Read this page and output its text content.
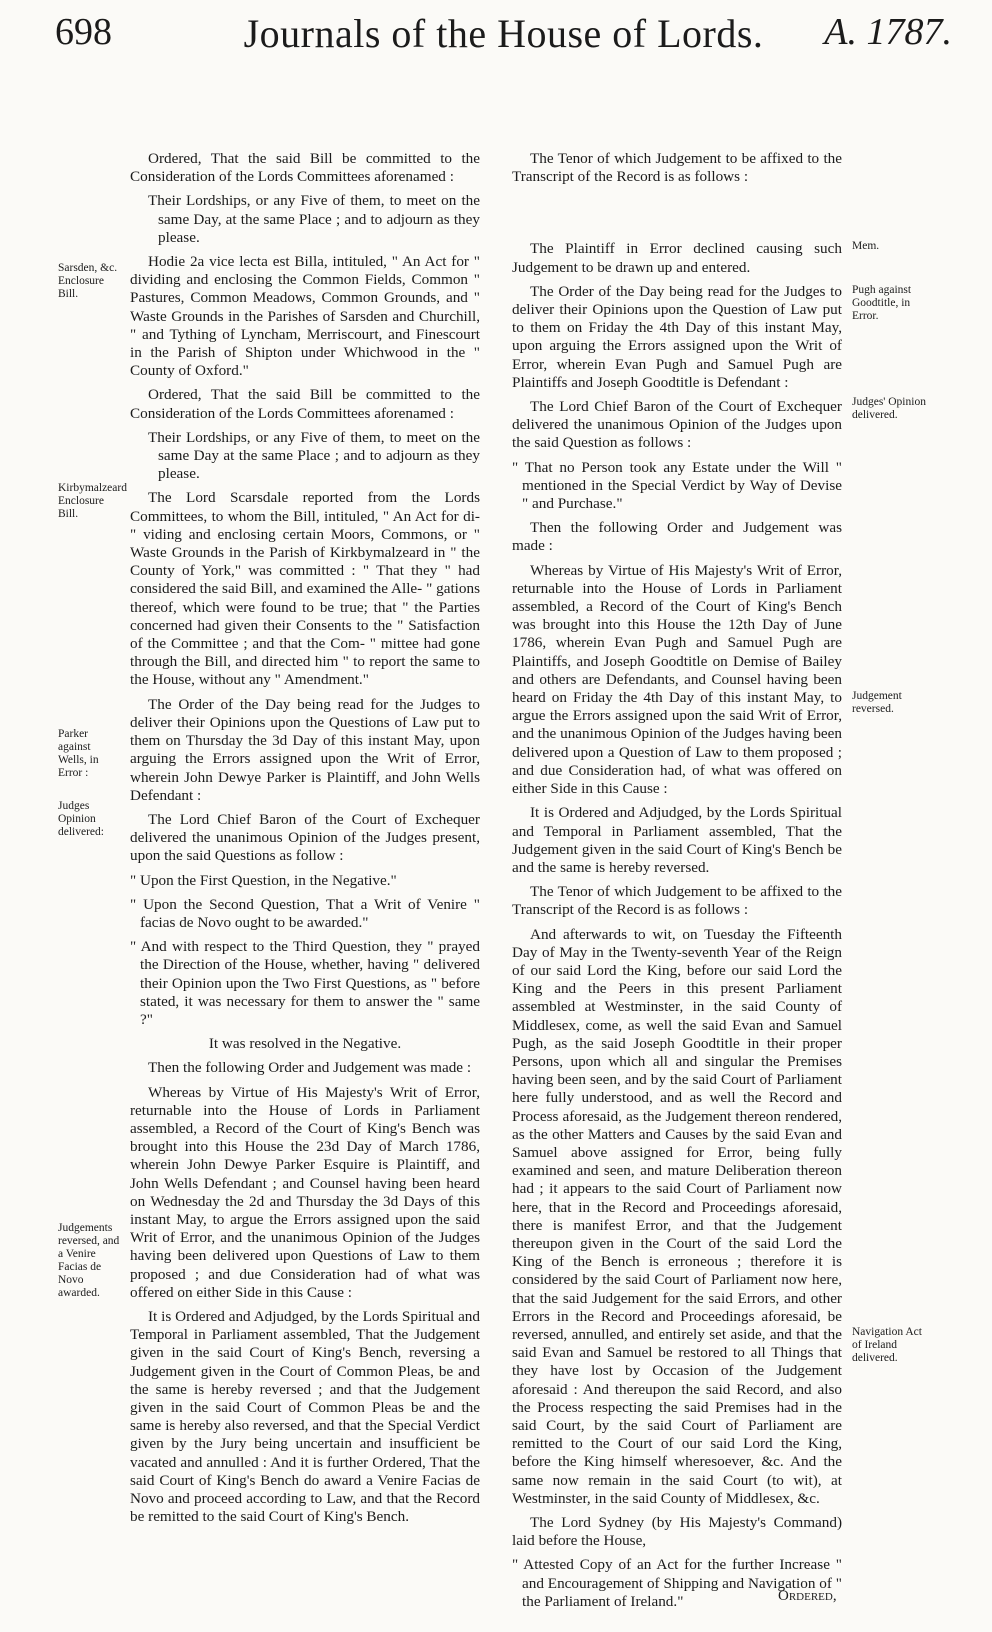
698	Journals of the House of Lords.	A. 1787.

Ordered, That the said Bill be committed to the Consideration of the Lords Committees aforenamed :

Their Lordships, or any Five of them, to meet on the same Day, at the same Place ; and to adjourn as they please.

Hodie 2a vice lecta est Billa, intituled, " An Act for " dividing and enclosing the Common Fields, Common " Pastures, Common Meadows, Common Grounds, and " Waste Grounds in the Parishes of Sarsden and Churchill, " and Tything of Lyncham, Merriscourt, and Finescourt in the Parish of Shipton under Whichwood in the " County of Oxford."

Ordered, That the said Bill be committed to the Consideration of the Lords Committees aforenamed :

Their Lordships, or any Five of them, to meet on the same Day at the same Place ; and to adjourn as they please.

The Lord Scarsdale reported from the Lords Committees, to whom the Bill, intituled, " An Act for di- " viding and enclosing certain Moors, Commons, or " Waste Grounds in the Parish of Kirkbymalzeard in " the County of York," was committed : " That they " had considered the said Bill, and examined the Alle- " gations thereof, which were found to be true; that " the Parties concerned had given their Consents to the " Satisfaction of the Committee ; and that the Com- " mittee had gone through the Bill, and directed him " to report the same to the House, without any " Amendment."

The Order of the Day being read for the Judges to deliver their Opinions upon the Questions of Law put to them on Thursday the 3d Day of this instant May, upon arguing the Errors assigned upon the Writ of Error, wherein John Dewye Parker is Plaintiff, and John Wells Defendant :

The Lord Chief Baron of the Court of Exchequer delivered the unanimous Opinion of the Judges present, upon the said Questions as follow :

" Upon the First Question, in the Negative."

" Upon the Second Question, That a Writ of Venire " facias de Novo ought to be awarded."

" And with respect to the Third Question, they " prayed the Direction of the House, whether, having " delivered their Opinion upon the Two First Questions, as " before stated, it was necessary for them to answer the " same ?"

It was resolved in the Negative.

Then the following Order and Judgement was made :

Whereas by Virtue of His Majesty's Writ of Error, returnable into the House of Lords in Parliament assembled, a Record of the Court of King's Bench was brought into this House the 23d Day of March 1786, wherein John Dewye Parker Esquire is Plaintiff, and John Wells Defendant ; and Counsel having been heard on Wednesday the 2d and Thursday the 3d Days of this instant May, to argue the Errors assigned upon the said Writ of Error, and the unanimous Opinion of the Judges having been delivered upon Questions of Law to them proposed ; and due Consideration had of what was offered on either Side in this Cause :

It is Ordered and Adjudged, by the Lords Spiritual and Temporal in Parliament assembled, That the Judgement given in the said Court of King's Bench, reversing a Judgement given in the Court of Common Pleas, be and the same is hereby reversed ; and that the Judgement given in the said Court of Common Pleas be and the same is hereby also reversed, and that the Special Verdict given by the Jury being uncertain and insufficient be vacated and annulled : And it is further Ordered, That the said Court of King's Bench do award a Venire Facias de Novo and proceed according to Law, and that the Record be remitted to the said Court of King's Bench.

The Tenor of which Judgement to be affixed to the Transcript of the Record is as follows :

The Plaintiff in Error declined causing such Judgement to be drawn up and entered.

The Order of the Day being read for the Judges to deliver their Opinions upon the Question of Law put to them on Friday the 4th Day of this instant May, upon arguing the Errors assigned upon the Writ of Error, wherein Evan Pugh and Samuel Pugh are Plaintiffs and Joseph Goodtitle is Defendant :

The Lord Chief Baron of the Court of Exchequer delivered the unanimous Opinion of the Judges upon the said Question as follows :

" That no Person took any Estate under the Will " mentioned in the Special Verdict by Way of Devise " and Purchase."

Then the following Order and Judgement was made :

Whereas by Virtue of His Majesty's Writ of Error, returnable into the House of Lords in Parliament assembled, a Record of the Court of King's Bench was brought into this House the 12th Day of June 1786, wherein Evan Pugh and Samuel Pugh are Plaintiffs, and Joseph Goodtitle on Demise of Bailey and others are Defendants, and Counsel having been heard on Friday the 4th Day of this instant May, to argue the Errors assigned upon the said Writ of Error, and the unanimous Opinion of the Judges having been delivered upon a Question of Law to them proposed ; and due Consideration had, of what was offered on either Side in this Cause :

It is Ordered and Adjudged, by the Lords Spiritual and Temporal in Parliament assembled, That the Judgement given in the said Court of King's Bench be and the same is hereby reversed.

The Tenor of which Judgement to be affixed to the Transcript of the Record is as follows :

And afterwards to wit, on Tuesday the Fifteenth Day of May in the Twenty-seventh Year of the Reign of our said Lord the King, before our said Lord the King and the Peers in this present Parliament assembled at Westminster, in the said County of Middlesex, come, as well the said Evan and Samuel Pugh, as the said Joseph Goodtitle in their proper Persons, upon which all and singular the Premises having been seen, and by the said Court of Parliament here fully understood, and as well the Record and Process aforesaid, as the Judgement thereon rendered, as the other Matters and Causes by the said Evan and Samuel above assigned for Error, being fully examined and seen, and mature Deliberation thereon had ; it appears to the said Court of Parliament now here, that in the Record and Proceedings aforesaid, there is manifest Error, and that the Judgement thereupon given in the Court of the said Lord the King of the Bench is erroneous ; therefore it is considered by the said Court of Parliament now here, that the said Judgement for the said Errors, and other Errors in the Record and Proceedings aforesaid, be reversed, annulled, and entirely set aside, and that the said Evan and Samuel be restored to all Things that they have lost by Occasion of the Judgement aforesaid : And thereupon the said Record, and also the Process respecting the said Premises had in the said Court, by the said Court of Parliament are remitted to the Court of our said Lord the King, before the King himself wheresoever, &c. And the same now remain in the said Court (to wit), at Westminster, in the said County of Middlesex, &c.

The Lord Sydney (by His Majesty's Command) laid before the House,

" Attested Copy of an Act for the further Increase " and Encouragement of Shipping and Navigation of " the Parliament of Ireland."

Sarsden, &c. Enclosure Bill.
Kirbymalzeard Enclosure Bill.
Parker against Wells, in Error :
Judges Opinion delivered:
Judgements reversed, and a Venire Facias de Novo awarded.
Mem.
Pugh against Goodtitle, in Error.
Judges' Opinion delivered.
Judgement reversed.
Navigation Act of Ireland delivered.
Ordered,
